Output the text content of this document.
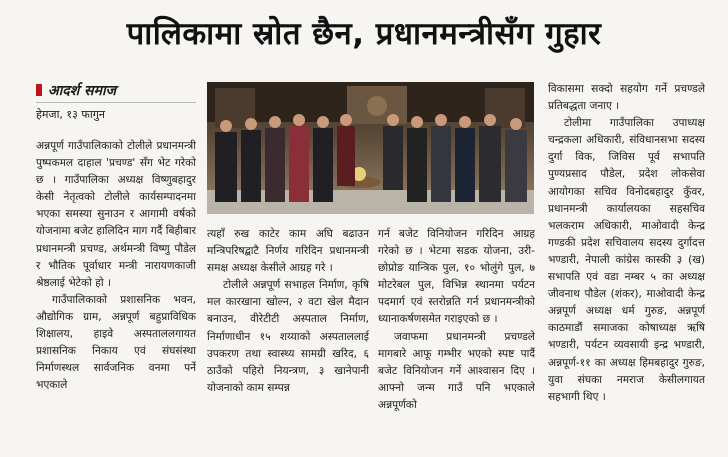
पालिकामा स्रोत छैन, प्रधानमन्त्रीसँग गुहार
आदर्श समाज
हेमजा, १३ फागुन

अन्नपूर्ण गाउँपालिकाको टोलीले प्रधानमन्त्री पुष्पकमल दाहाल 'प्रचण्ड' सँग भेट गरेको छ । गाउँपालिका अध्यक्ष विष्णुबहादुर केसी नेतृत्वको टोलीले कार्यसम्पादनमा भएका समस्या सुनाउन र आगामी वर्षको योजनामा बजेट हालिदिन माग गर्दै बिहीबार प्रधानमन्त्री प्रचण्ड, अर्थमन्त्री विष्णु पौडेल र भौतिक पूर्वाधार मन्त्री नारायणकाजी श्रेष्ठलाई भेटेको हो ।

गाउँपालिकाको प्रशासनिक भवन, औद्योगिक ग्राम, अन्नपूर्ण बहुप्राविधिक शिक्षालय, हाइवे अस्पताललगायत प्रशासनिक निकाय एवं संघसंस्था निर्माणस्थल सार्वजनिक वनमा पर्ने भएकाले

त्यहाँ रुख काटेर काम अघि बढाउन मन्त्रिपरिषद्बाटै निर्णय गरिदिन प्रधानमन्त्री समक्ष अध्यक्ष केसीले आग्रह गरे ।

टोलीले अन्नपूर्ण सभाहल निर्माण, कृषि मल कारखाना खोल्न, २ वटा खेल मैदान बनाउन, वीरेटीटी अस्पताल निर्माण, निर्माणाधीन १५ शय्याको अस्पताललाई उपकरण तथा स्वास्थ्य सामग्री खरिद, ६ ठाउँको पहिरो नियन्त्रण, ३ खानेपानी योजनाको काम सम्पन्न

गर्न बजेट विनियोजन गरिदिन आग्रह गरेको छ । भेटमा सडक योजना, उरी-छोप्रोङ यान्त्रिक पुल, १० भोलुंगे पुल, ७ मोटरेबल पुल, विभिन्न स्थानमा पर्यटन पदमार्ग एवं स्तरोन्नति गर्न प्रधानमन्त्रीको ध्यानाकर्षणसमेत गराइएको छ ।

जवाफमा प्रधानमन्त्री प्रचण्डले मागबारे आफू गम्भीर भएको स्पष्ट पार्दै बजेट विनियोजन गर्ने आश्वासन दिए । आफ्नो जन्म गाउँ पनि भएकाले अन्नपूर्णको

विकासमा सक्दो सहयोग गर्ने प्रचण्डले प्रतिबद्धता जनाए ।

टोलीमा गाउँपालिका उपाध्यक्ष चन्द्रकला अधिकारी, संविधानसभा सदस्य दुर्गा विक, जिविस पूर्व सभापति पुण्यप्रसाद पौडेल, प्रदेश लोकसेवा आयोगका सचिव विनोदबहादुर कुँवर, प्रधानमन्त्री कार्यालयका सहसचिव भलकराम अधिकारी, माओवादी केन्द्र गण्डकी प्रदेश सचिवालय सदस्य दुर्गादत्त भण्डारी, नेपाली कांग्रेस कास्की ३ (ख) सभापति एवं वडा नम्बर ५ का अध्यक्ष जीवनाथ पौडेल (शंकर), माओवादी केन्द्र अन्नपूर्ण अध्यक्ष धर्म गुरुङ, अन्नपूर्ण काठमाडौं समाजका कोषाध्यक्ष ऋषि भण्डारी, पर्यटन व्यवसायी इन्द्र भण्डारी, अन्नपूर्ण-११ का अध्यक्ष हिमबहादुर गुरुङ, युवा संघका नमराज केसीलगायत सहभागी थिए ।
